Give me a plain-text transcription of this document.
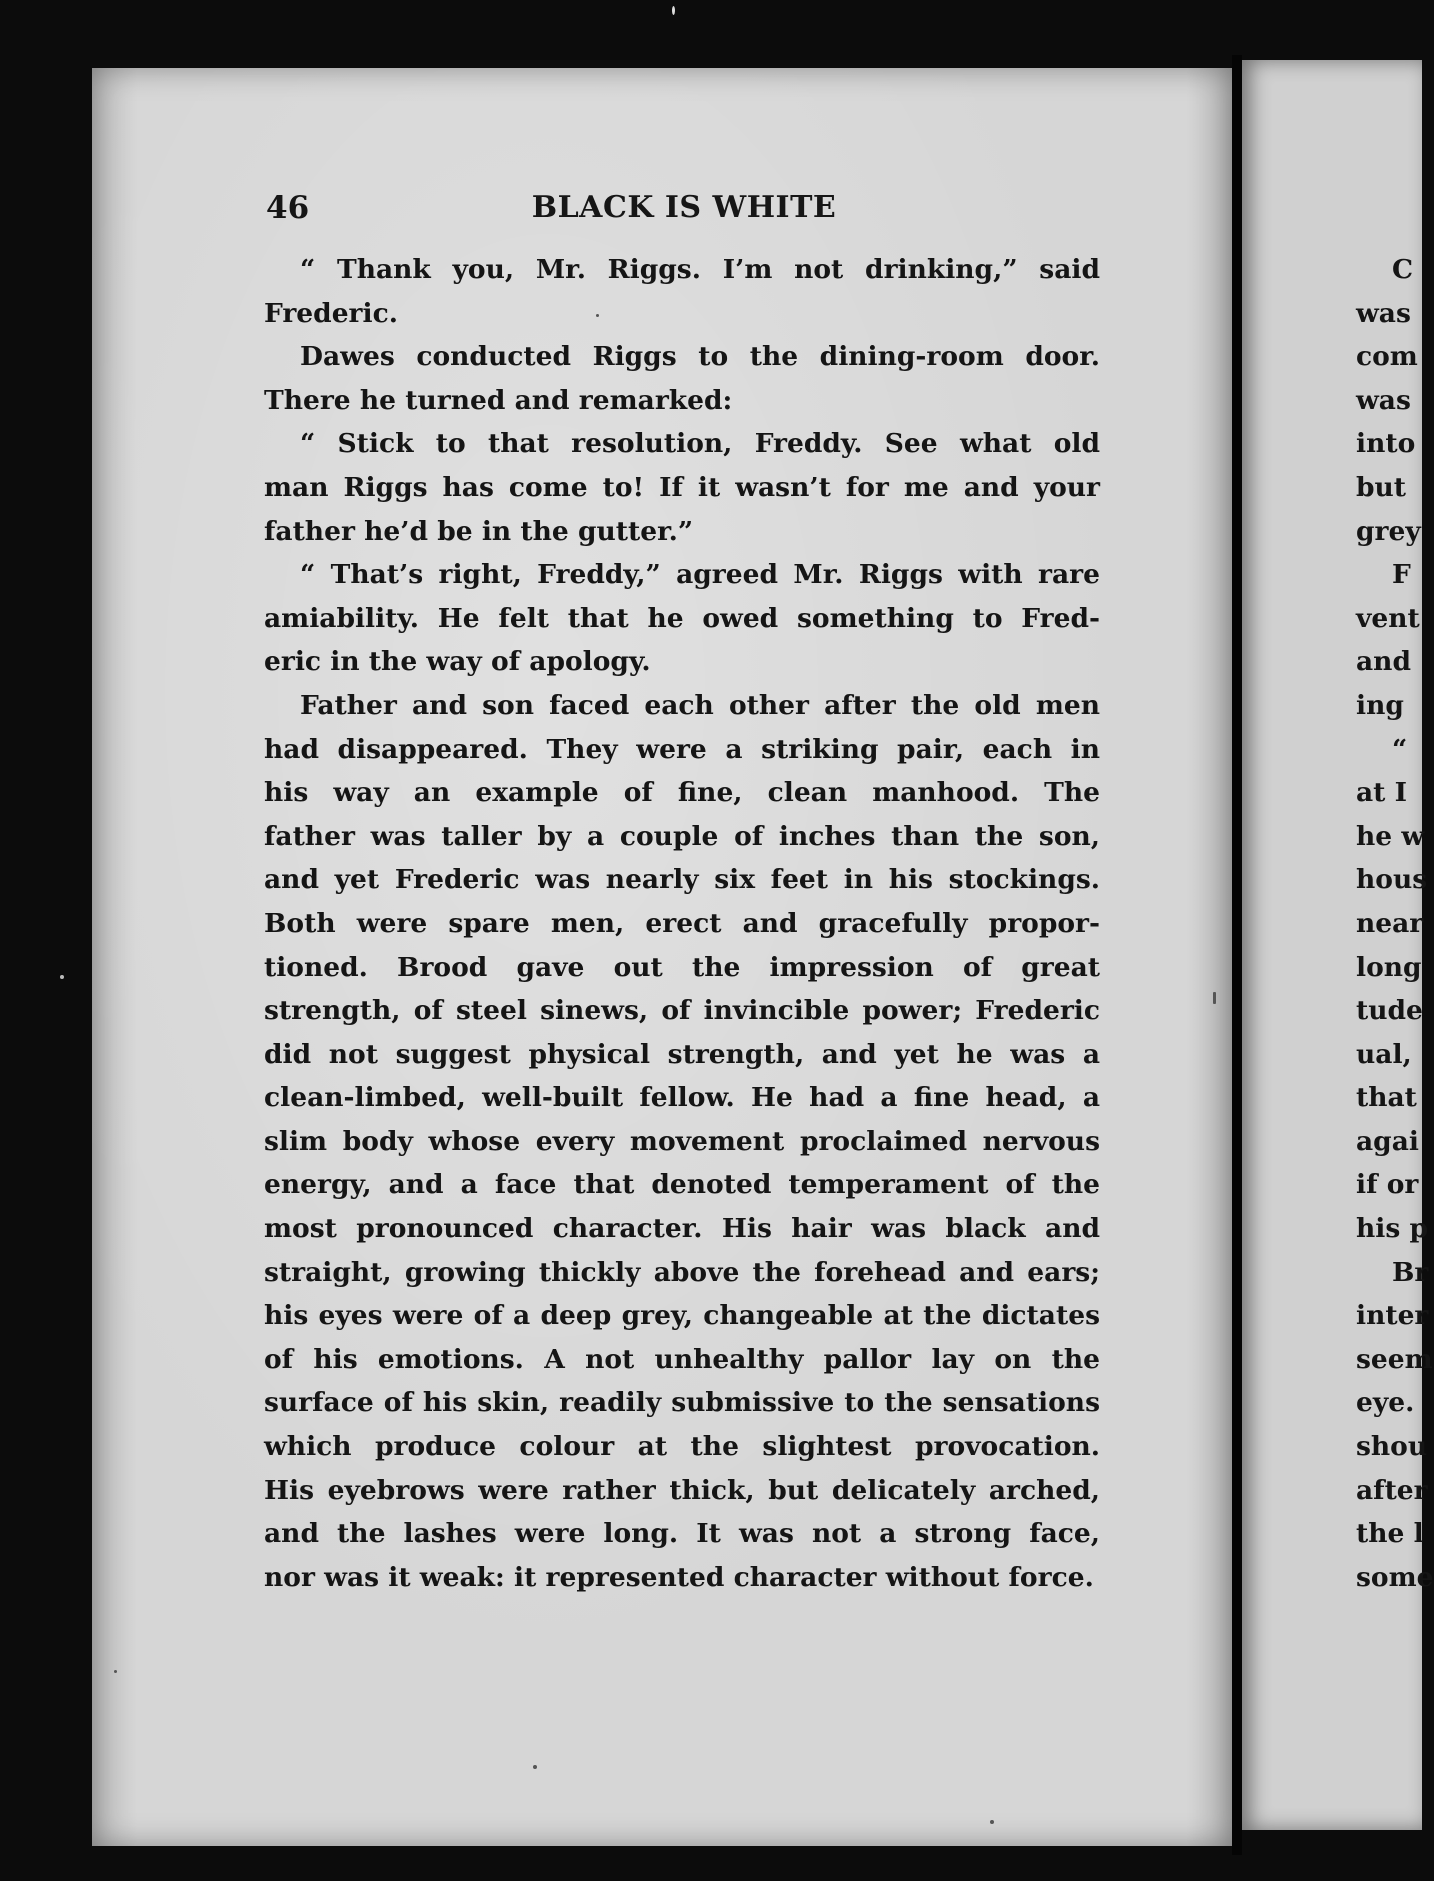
46	BLACK IS WHITE
“ Thank you, Mr. Riggs. I’m not drinking,” said
Frederic.
Dawes conducted Riggs to the dining-room door.
There he turned and remarked:
“ Stick to that resolution, Freddy. See what old
man Riggs has come to! If it wasn’t for me and your
father he’d be in the gutter.”
“ That’s right, Freddy,” agreed Mr. Riggs with rare
amiability. He felt that he owed something to Fred-
eric in the way of apology.
Father and son faced each other after the old men
had disappeared. They were a striking pair, each in
his way an example of fine, clean manhood. The
father was taller by a couple of inches than the son,
and yet Frederic was nearly six feet in his stockings.
Both were spare men, erect and gracefully propor-
tioned. Brood gave out the impression of great
strength, of steel sinews, of invincible power; Frederic
did not suggest physical strength, and yet he was a
clean-limbed, well-built fellow. He had a fine head, a
slim body whose every movement proclaimed nervous
energy, and a face that denoted temperament of the
most pronounced character. His hair was black and
straight, growing thickly above the forehead and ears;
his eyes were of a deep grey, changeable at the dictates
of his emotions. A not unhealthy pallor lay on the
surface of his skin, readily submissive to the sensations
which produce colour at the slightest provocation.
His eyebrows were rather thick, but delicately arched,
and the lashes were long. It was not a strong face,
nor was it weak: it represented character without force.
C
was
com
was
into
but
grey
F
vent
and
ing
“
at I
he w
hous
near
long
tude
ual,
that
agai
if or
his p
Br
inter
seem
eye.
shou
after
the l
some
